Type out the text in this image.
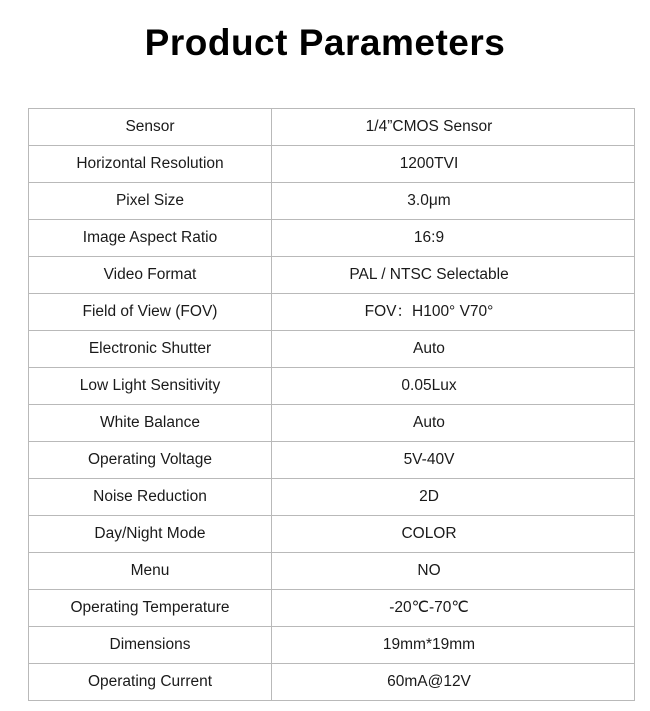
Product Parameters
Sensor	1/4”CMOS Sensor
Horizontal Resolution	1200TVI
Pixel Size	3.0μm
Image Aspect Ratio	16:9
Video Format	PAL / NTSC Selectable
Field of View (FOV)	FOV：H100° V70°
Electronic Shutter	Auto
Low Light Sensitivity	0.05Lux
White Balance	Auto
Operating Voltage	5V-40V
Noise Reduction	2D
Day/Night Mode	COLOR
Menu	NO
Operating Temperature	-20℃-70℃
Dimensions	19mm*19mm
Operating Current	60mA@12V
